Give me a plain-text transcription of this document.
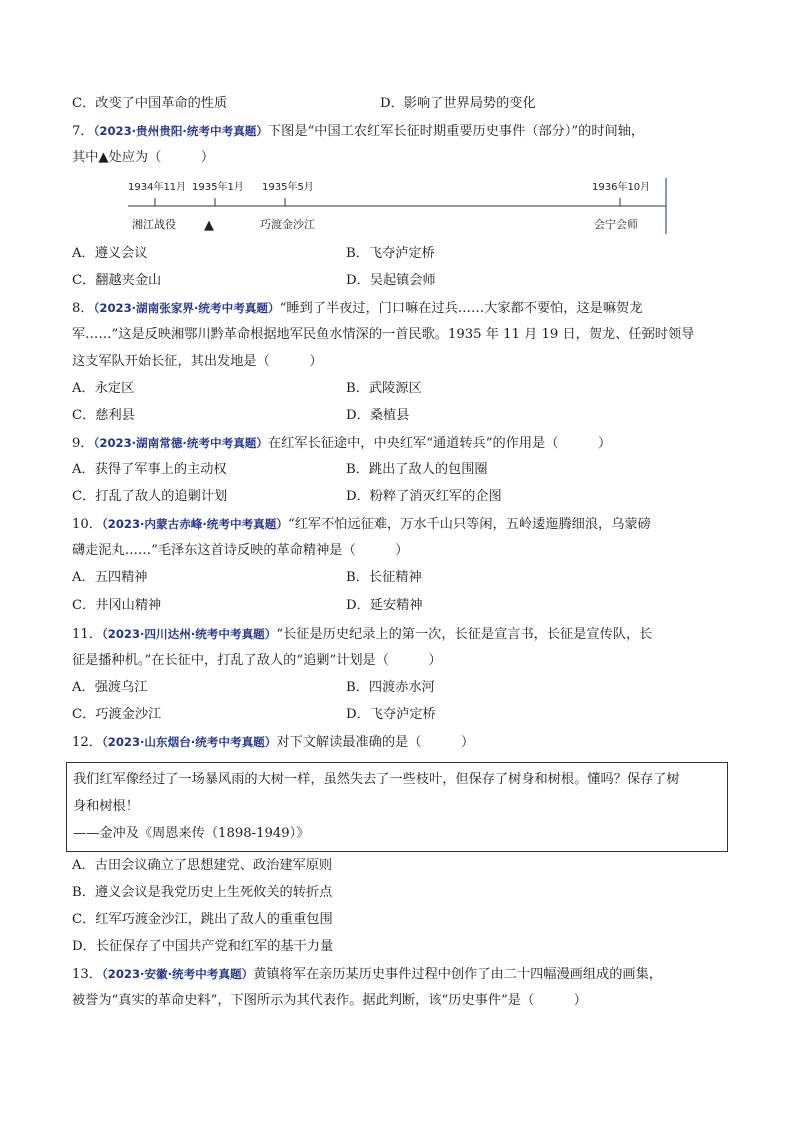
C．改变了中国革命的性质	D．影响了世界局势的变化
7．（2023·贵州贵阳·统考中考真题）下图是“中国工农红军长征时期重要历史事件（部分）”的时间轴，
其中▲处应为（　　　）
1934年11月 1935年1月 1935年5月	1936年10月
湘江战役 ▲	巧渡金沙江	会宁会师
A．遵义会议	B．飞夺泸定桥
C．翻越夹金山	D．吴起镇会师
8．（2023·湖南张家界·统考中考真题）“睡到了半夜过，门口嘛在过兵……大家都不要怕，这是嘛贺龙
军……”这是反映湘鄂川黔革命根据地军民鱼水情深的一首民歌。1935 年 11 月 19 日，贺龙、任弼时领导
这支军队开始长征，其出发地是（　　　）
A．永定区	B．武陵源区
C．慈利县	D．桑植县
9．（2023·湖南常德·统考中考真题）在红军长征途中，中央红军“通道转兵”的作用是（　　　）
A．获得了军事上的主动权	B．跳出了敌人的包围圈
C．打乱了敌人的追剿计划	D．粉粹了消灭红军的企图
10．（2023·内蒙古赤峰·统考中考真题）“红军不怕远征难，万水千山只等闲，五岭逶迤腾细浪，乌蒙磅
礴走泥丸……”毛泽东这首诗反映的革命精神是（　　　）
A．五四精神	B．长征精神
C．井冈山精神	D．延安精神
11．（2023·四川达州·统考中考真题）“长征是历史纪录上的第一次，长征是宣言书，长征是宣传队，长
征是播种机。”在长征中，打乱了敌人的“追剿”计划是（　　　）
A．强渡乌江	B．四渡赤水河
C．巧渡金沙江	D．飞夺泸定桥
12．（2023·山东烟台·统考中考真题）对下文解读最准确的是（　　　）
我们红军像经过了一场暴风雨的大树一样，虽然失去了一些枝叶，但保存了树身和树根。懂吗？保存了树
身和树根！
——金冲及《周恩来传（1898-1949）》
A．古田会议确立了思想建党、政治建军原则
B．遵义会议是我党历史上生死攸关的转折点
C．红军巧渡金沙江，跳出了敌人的重重包围
D．长征保存了中国共产党和红军的基干力量
13．（2023·安徽·统考中考真题）黄镇将军在亲历某历史事件过程中创作了由二十四幅漫画组成的画集，
被誉为“真实的革命史料”，下图所示为其代表作。据此判断，该“历史事件”是（　　　）
